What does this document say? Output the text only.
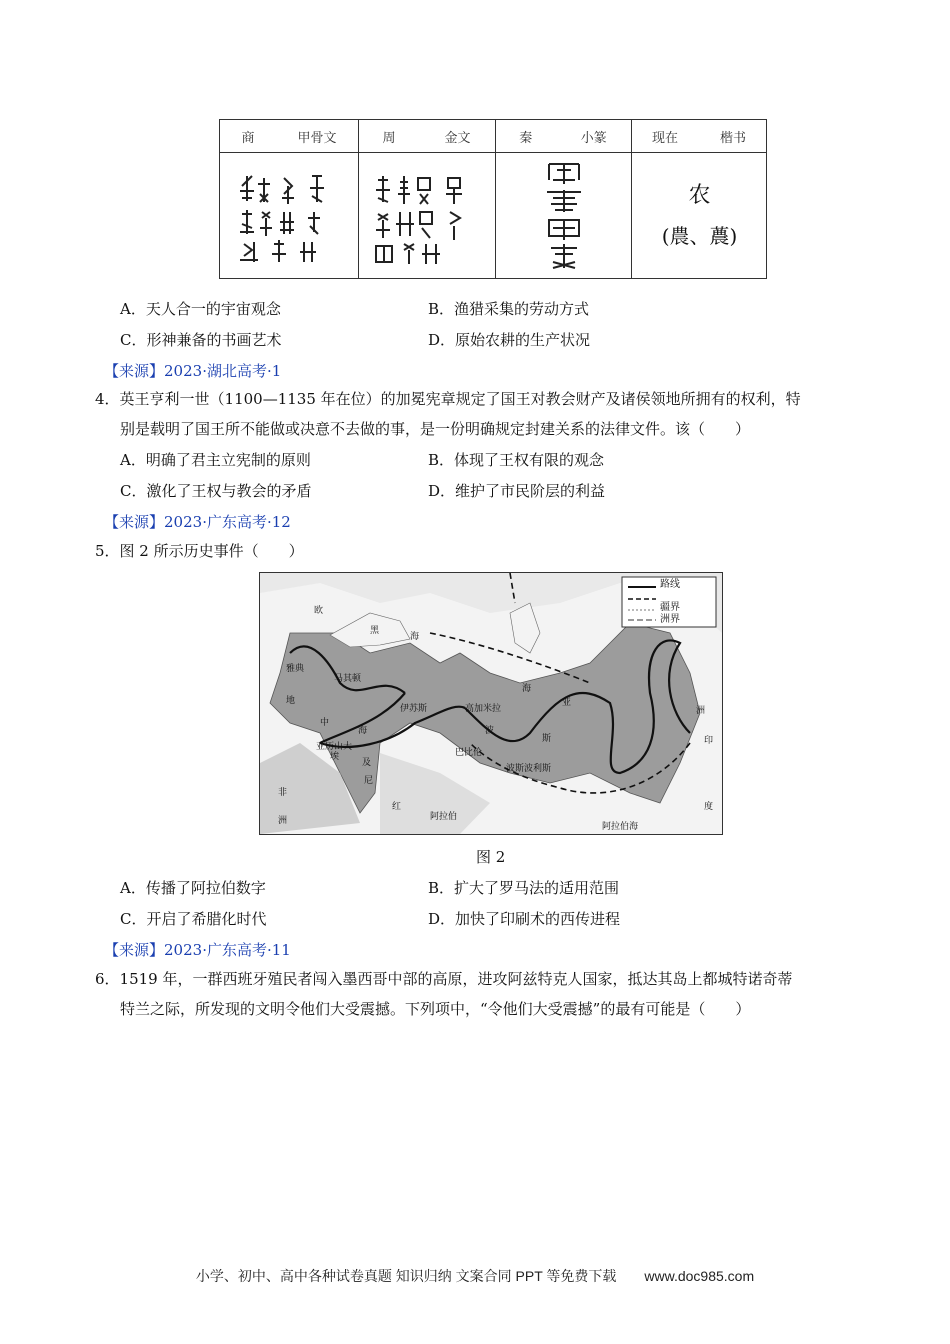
商	甲骨文	周	金文	秦	小篆	现在	楷书
农
(農、蕽)
A．天人合一的宇宙观念	B．渔猎采集的劳动方式
C．形神兼备的书画艺术	D．原始农耕的生产状况
【来源】2023·湖北高考·1
4．英王亨利一世（1100—1135 年在位）的加冕宪章规定了国王对教会财产及诸侯领地所拥有的权利，特
别是载明了国王所不能做或决意不去做的事，是一份明确规定封建关系的法律文件。该（　　）
A．明确了君主立宪制的原则	B．体现了王权有限的观念
C．激化了王权与教会的矛盾	D．维护了市民阶层的利益
【来源】2023·广东高考·12
5．图 2 所示历史事件（　　）
路线
疆界
洲界
欧
黑
海
海
雅典
马其顿
伊苏斯	高加米拉
地
中
海
亚历山大
巴比伦
波
斯
波斯波利斯
亚
埃
及
阿拉伯
非
洲
尼
红
印
度
阿拉伯海
洲
图 2
A．传播了阿拉伯数字	B．扩大了罗马法的适用范围
C．开启了希腊化时代	D．加快了印刷术的西传进程
【来源】2023·广东高考·11
6．1519 年，一群西班牙殖民者闯入墨西哥中部的高原，进攻阿兹特克人国家，抵达其岛上都城特诺奇蒂
特兰之际，所发现的文明令他们大受震撼。下列项中，“令他们大受震撼”的最有可能是（　　）
小学、初中、高中各种试卷真题 知识归纳 文案合同 PPT 等免费下载　　www.doc985.com
